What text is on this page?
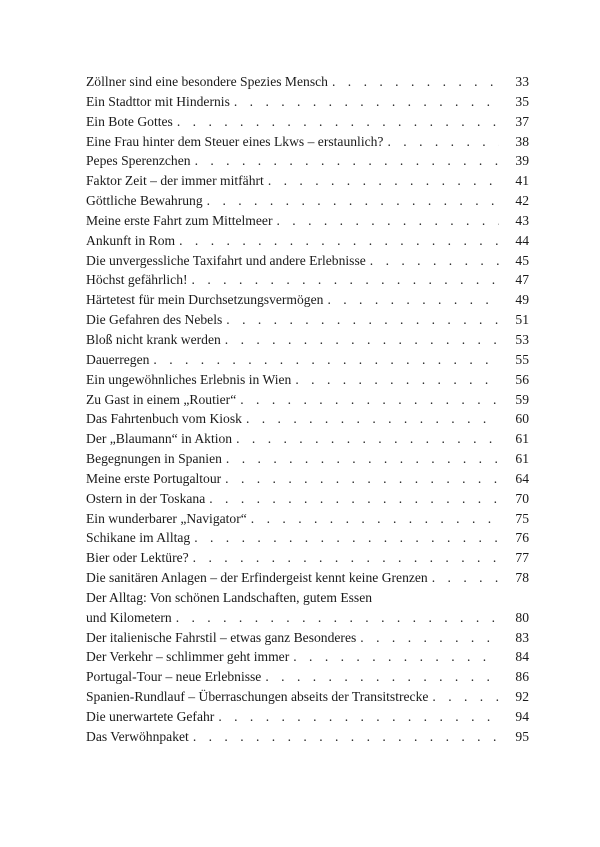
Zöllner sind eine besondere Spezies Mensch . . .	33
Ein Stadttor mit Hindernis . . .	35
Ein Bote Gottes . . .	37
Eine Frau hinter dem Steuer eines Lkws – erstaunlich? . . .	38
Pepes Sperenzchen . . .	39
Faktor Zeit – der immer mitfährt . . .	41
Göttliche Bewahrung . . .	42
Meine erste Fahrt zum Mittelmeer . . .	43
Ankunft in Rom . . .	44
Die unvergessliche Taxifahrt und andere Erlebnisse . . .	45
Höchst gefährlich! . . .	47
Härtetest für mein Durchsetzungsvermögen . . .	49
Die Gefahren des Nebels . . .	51
Bloß nicht krank werden . . .	53
Dauerregen . . .	55
Ein ungewöhnliches Erlebnis in Wien . . .	56
Zu Gast in einem „Routier“ . . .	59
Das Fahrtenbuch vom Kiosk . . .	60
Der „Blaumann“ in Aktion . . .	61
Begegnungen in Spanien . . .	61
Meine erste Portugaltour . . .	64
Ostern in der Toskana . . .	70
Ein wunderbarer „Navigator“ . . .	75
Schikane im Alltag . . .	76
Bier oder Lektüre? . . .	77
Die sanitären Anlagen – der Erfindergeist kennt keine Grenzen . . .	78
Der Alltag: Von schönen Landschaften, gutem Essen
und Kilometern . . .	80
Der italienische Fahrstil – etwas ganz Besonderes . . .	83
Der Verkehr – schlimmer geht immer . . .	84
Portugal-Tour – neue Erlebnisse . . .	86
Spanien-Rundlauf – Überraschungen abseits der Transitstrecke . . .	92
Die unerwartete Gefahr . . .	94
Das Verwöhnpaket . . .	95
